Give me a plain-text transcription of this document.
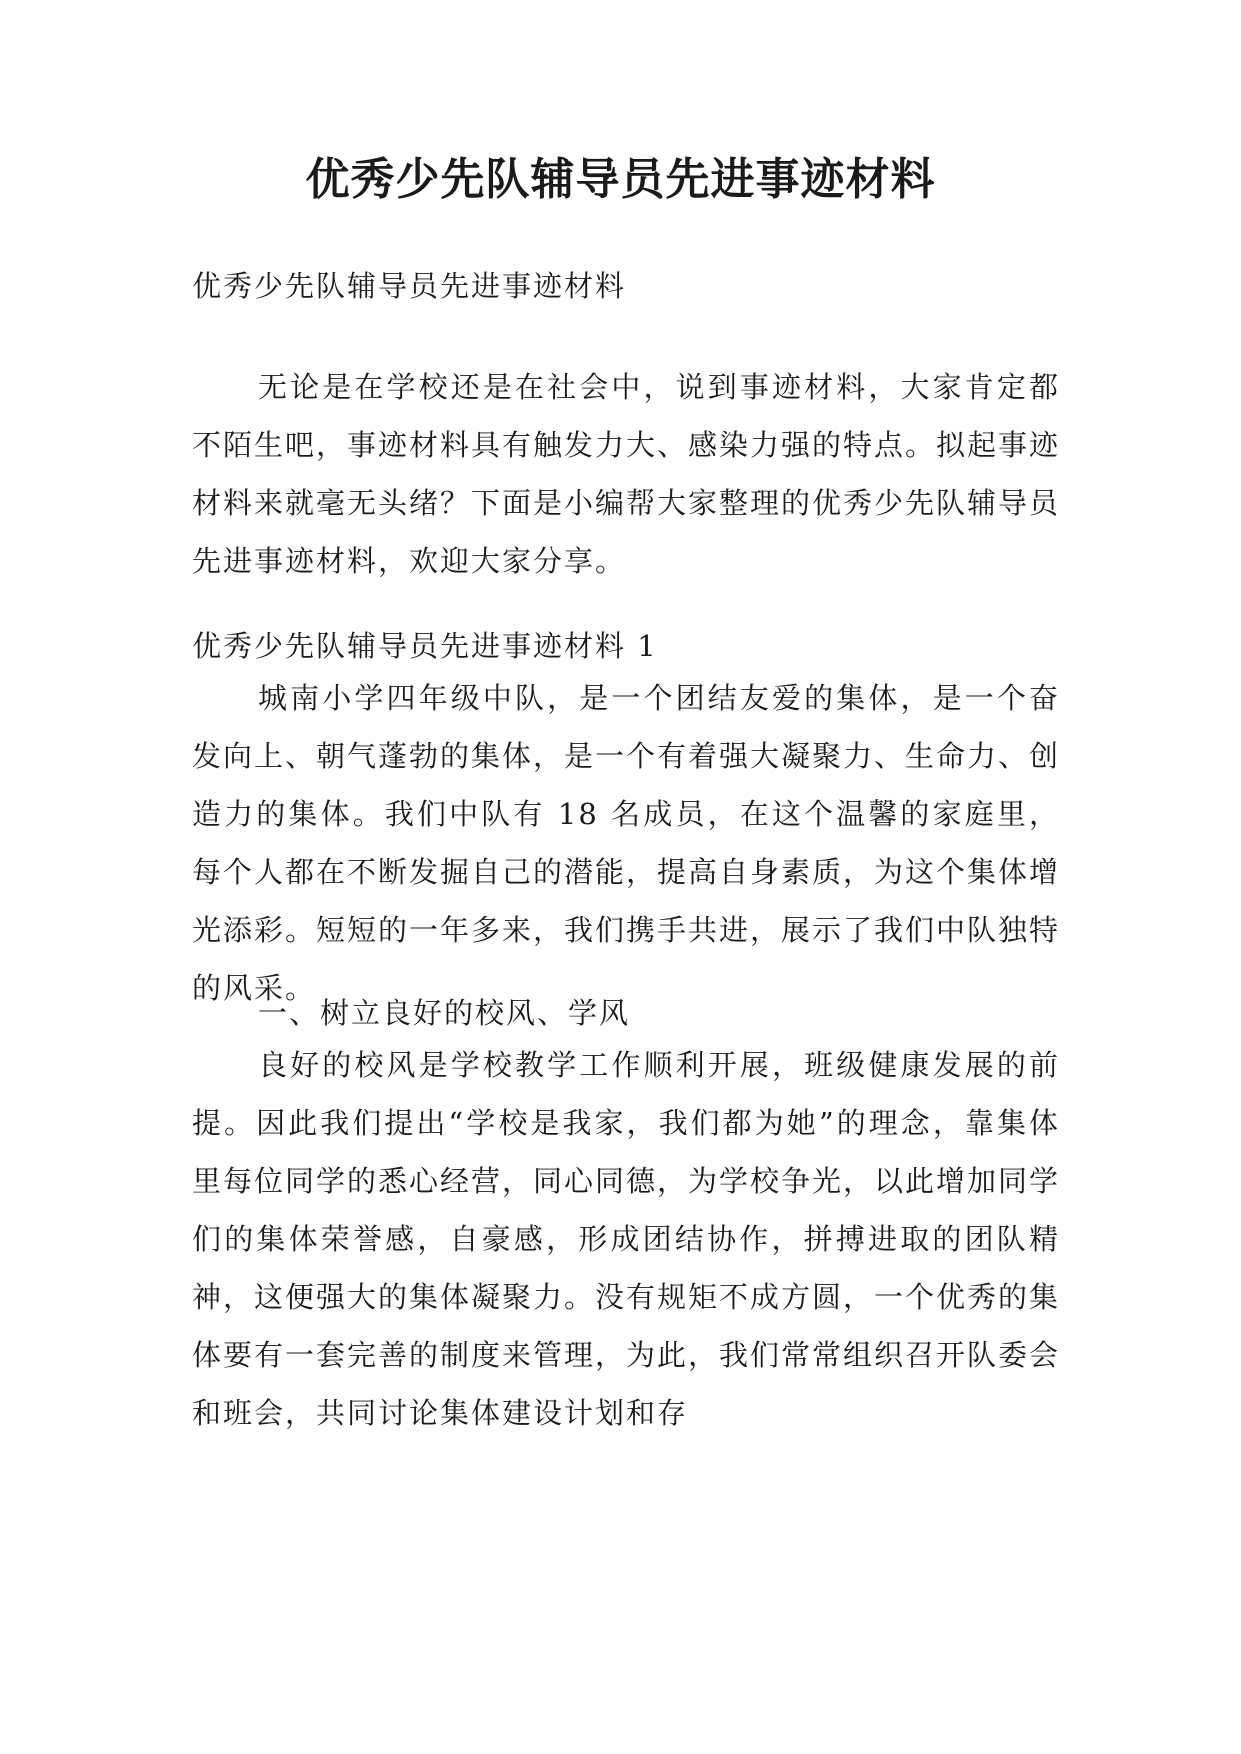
优秀少先队辅导员先进事迹材料

优秀少先队辅导员先进事迹材料

无论是在学校还是在社会中，说到事迹材料，大家肯定都不陌生吧，事迹材料具有触发力大、感染力强的特点。拟起事迹材料来就毫无头绪？下面是小编帮大家整理的优秀少先队辅导员先进事迹材料，欢迎大家分享。

优秀少先队辅导员先进事迹材料 1

城南小学四年级中队，是一个团结友爱的集体，是一个奋发向上、朝气蓬勃的集体，是一个有着强大凝聚力、生命力、创造力的集体。我们中队有 18 名成员，在这个温馨的家庭里，每个人都在不断发掘自己的潜能，提高自身素质，为这个集体增光添彩。短短的一年多来，我们携手共进，展示了我们中队独特的风采。

一、树立良好的校风、学风

良好的校风是学校教学工作顺利开展，班级健康发展的前提。因此我们提出“学校是我家，我们都为她”的理念，靠集体里每位同学的悉心经营，同心同德，为学校争光，以此增加同学们的集体荣誉感，自豪感，形成团结协作，拼搏进取的团队精神，这便强大的集体凝聚力。没有规矩不成方圆，一个优秀的集体要有一套完善的制度来管理，为此，我们常常组织召开队委会和班会，共同讨论集体建设计划和存
